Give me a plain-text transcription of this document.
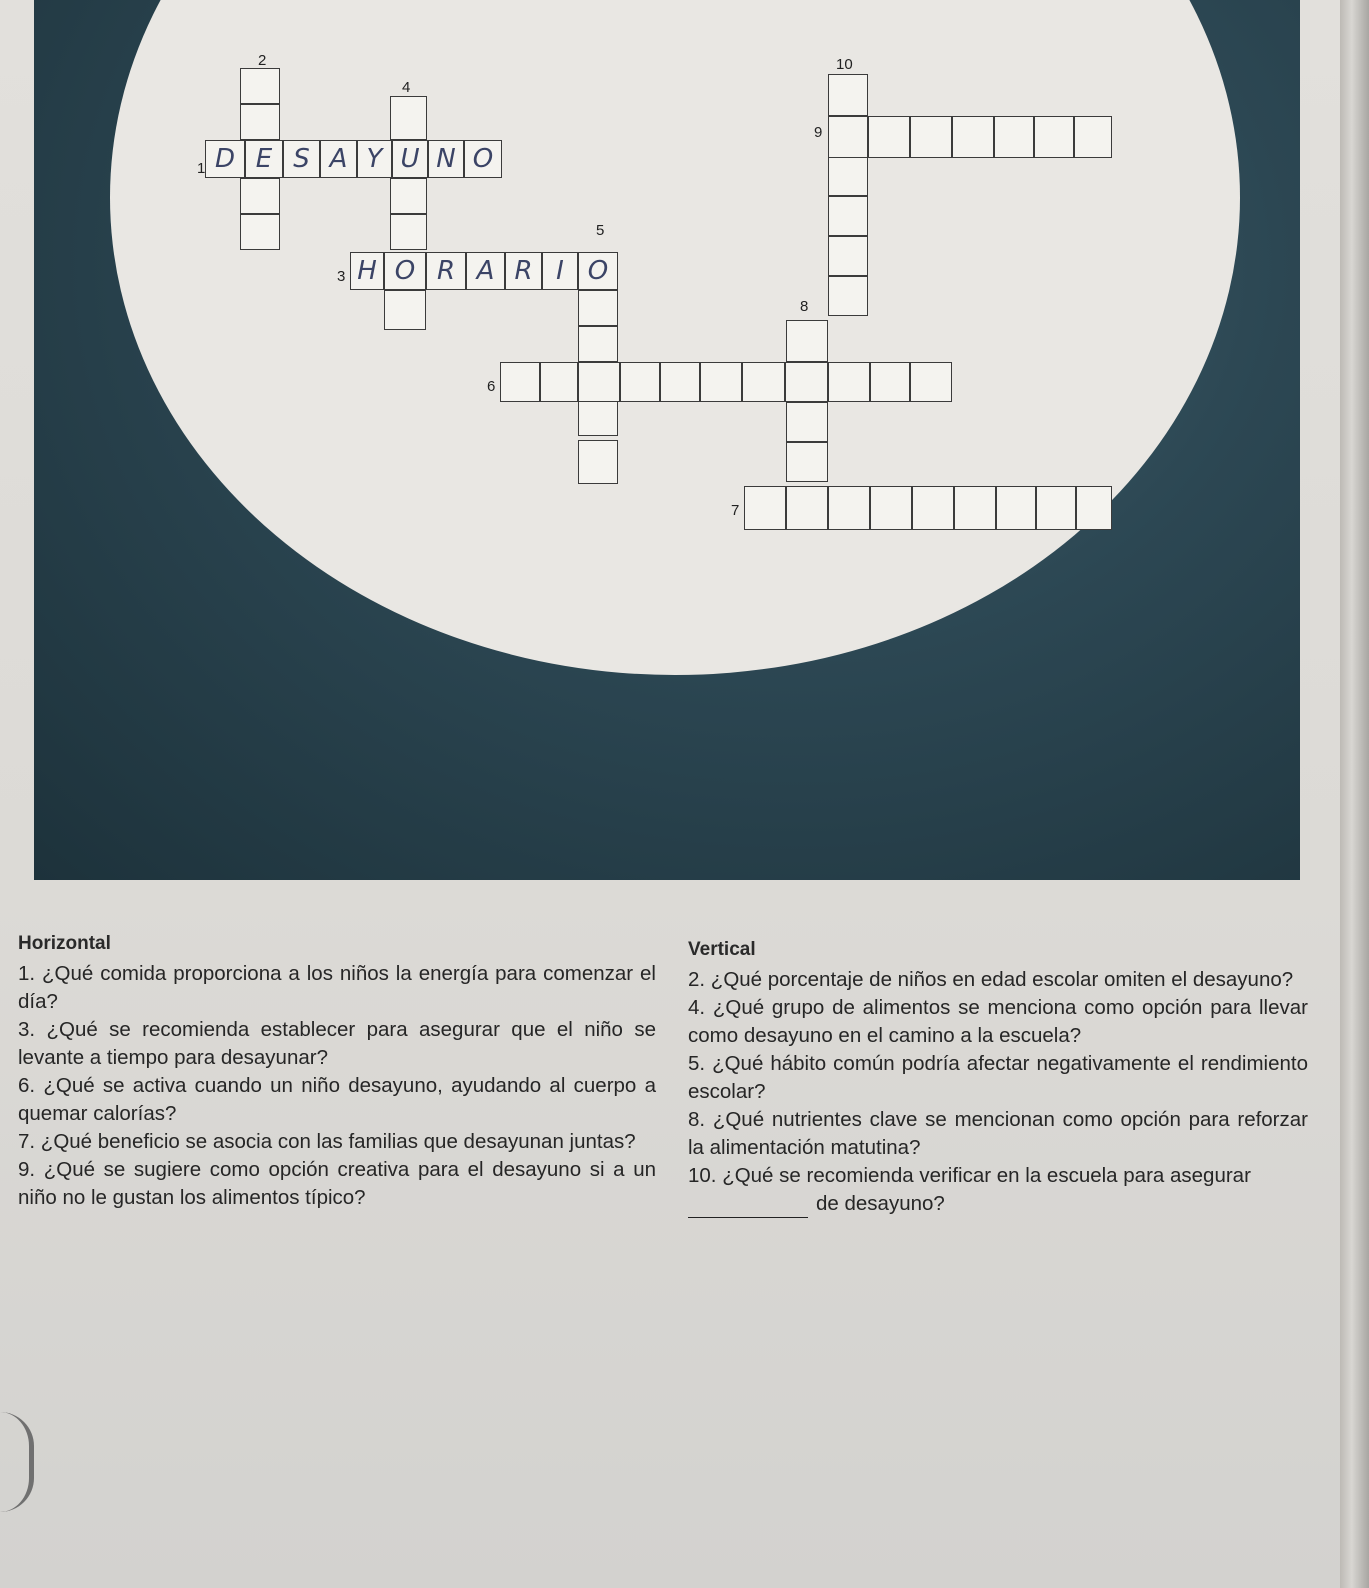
D E S A Y U N O
1
2
4
H O R A R I O
3
5
6
8
7
10
9
Horizontal

1. ¿Qué comida proporciona a los niños la energía para comenzar el día?

3. ¿Qué se recomienda establecer para asegurar que el niño se levante a tiempo para desayunar?

6. ¿Qué se activa cuando un niño desayuno, ayudando al cuerpo a quemar calorías?

7. ¿Qué beneficio se asocia con las familias que desayunan juntas?

9. ¿Qué se sugiere como opción creativa para el desayuno si a un niño no le gustan los alimentos típico?

Vertical

2. ¿Qué porcentaje de niños en edad escolar omiten el desayuno?

4. ¿Qué grupo de alimentos se menciona como opción para llevar como desayuno en el camino a la escuela?

5. ¿Qué hábito común podría afectar negativamente el rendimiento escolar?

8. ¿Qué nutrientes clave se mencionan como opción para reforzar la alimentación matutina?

10. ¿Qué se recomienda verificar en la escuela para asegurar

de desayuno?
